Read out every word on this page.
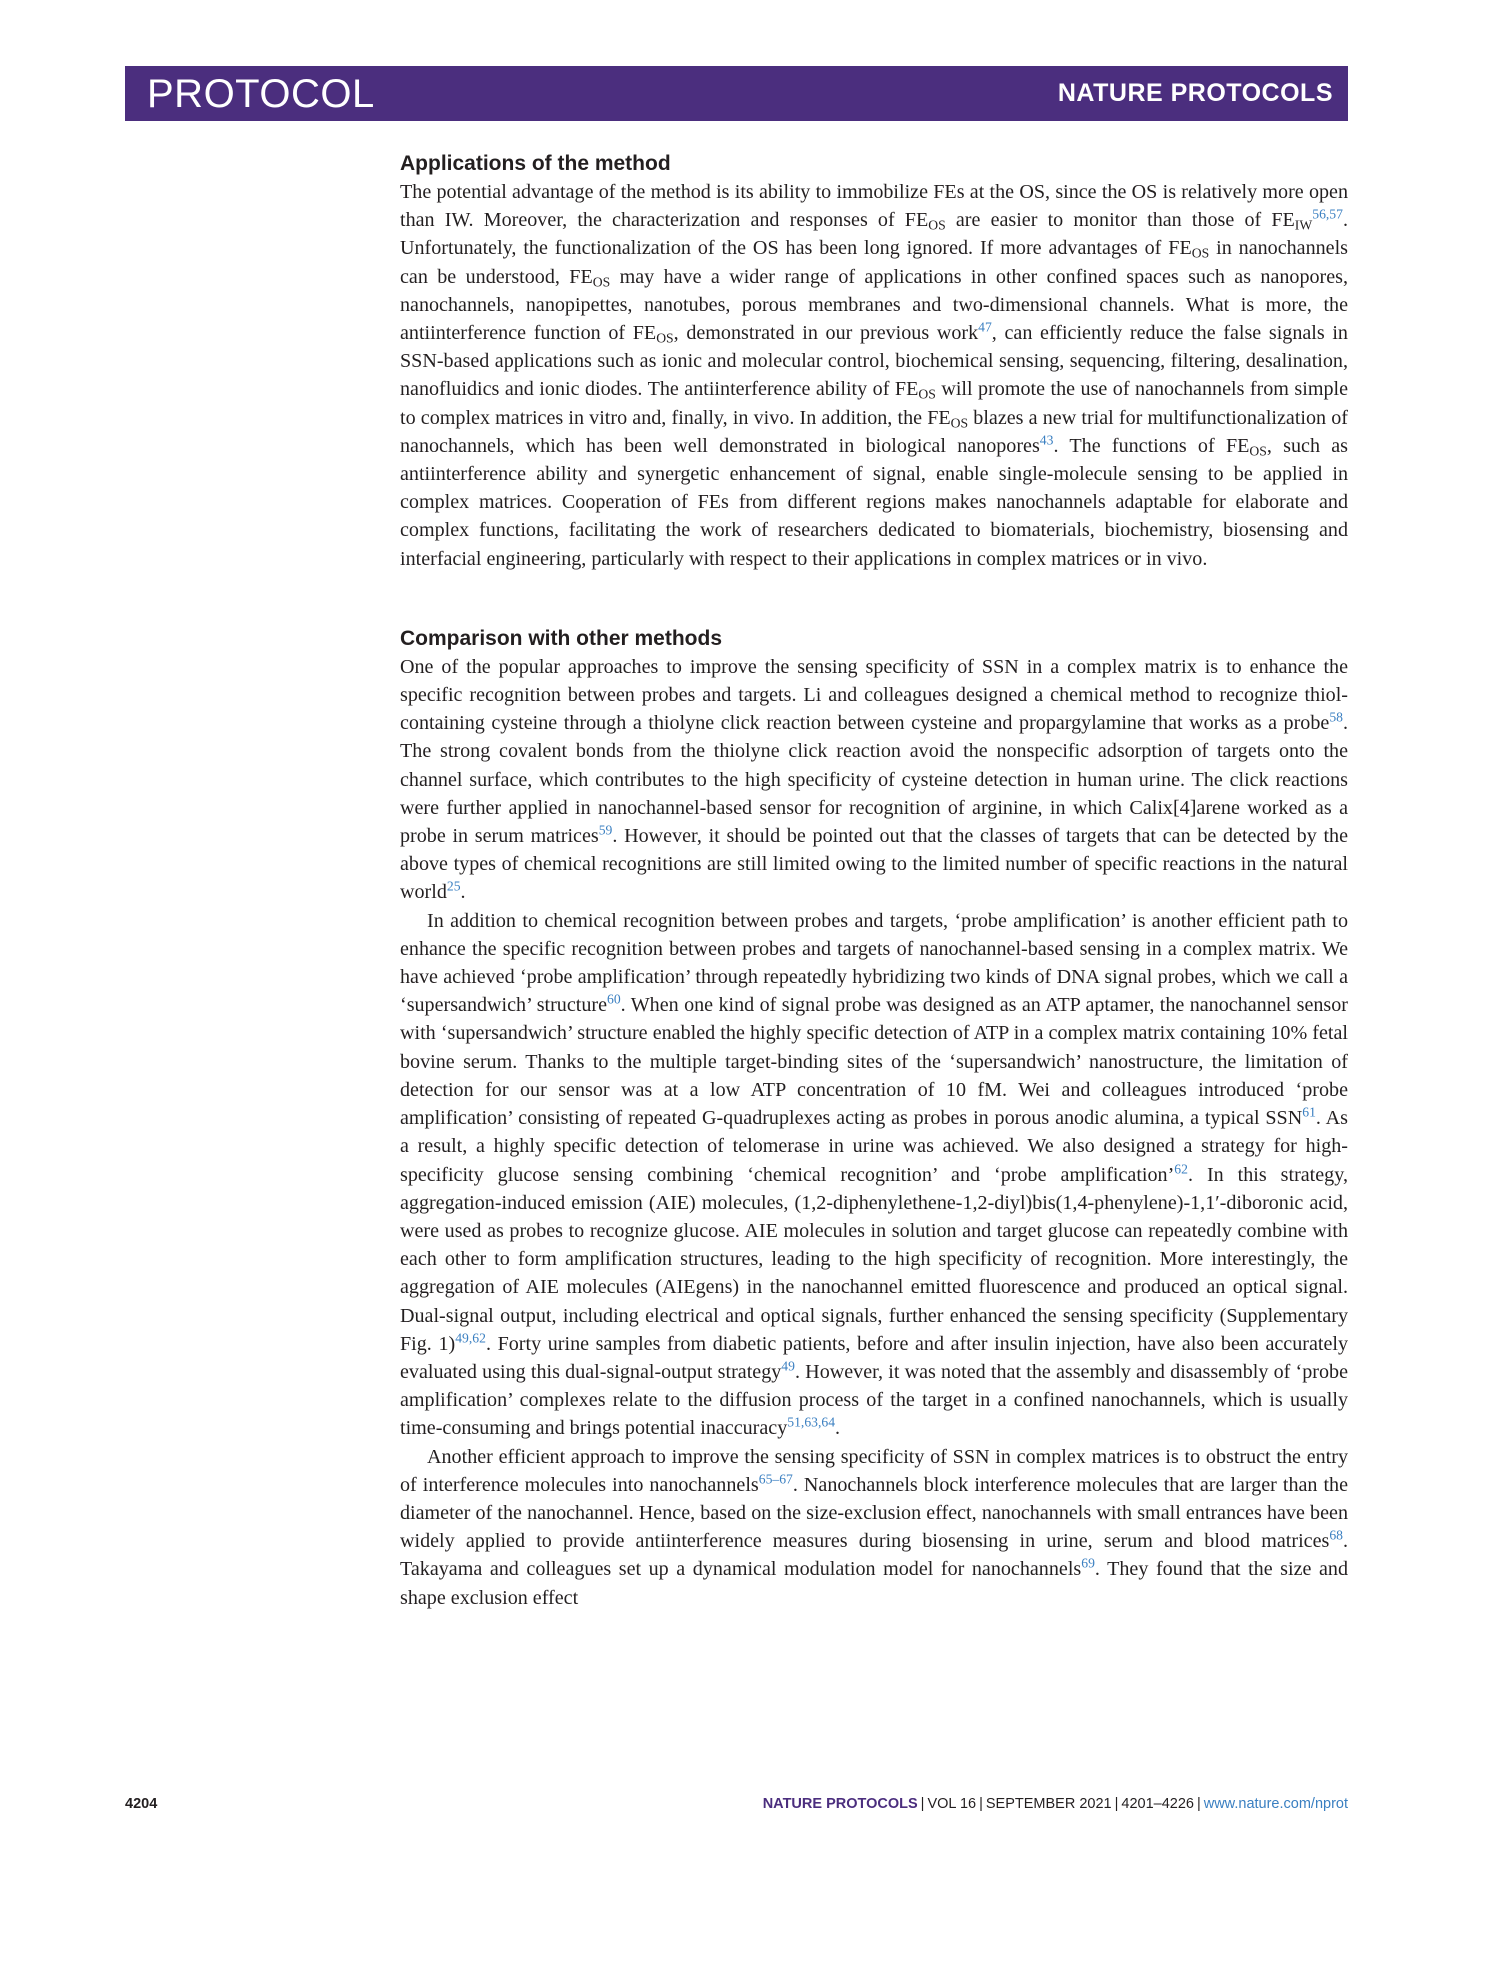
PROTOCOL	NATURE PROTOCOLS
Applications of the method

The potential advantage of the method is its ability to immobilize FEs at the OS, since the OS is relatively more open than IW. Moreover, the characterization and responses of $FE_{OS}$ are easier to monitor than those of $FE_{IW}^{56,57}$. Unfortunately, the functionalization of the OS has been long ignored. If more advantages of $FE_{OS}$ in nanochannels can be understood, $FE_{OS}$ may have a wider range of applications in other confined spaces such as nanopores, nanochannels, nanopipettes, nanotubes, porous membranes and two-dimensional channels. What is more, the antiinterference function of $FE_{OS}$, demonstrated in our previous work$^{47}$, can efficiently reduce the false signals in SSN-based applications such as ionic and molecular control, biochemical sensing, sequencing, filtering, desalination, nanofluidics and ionic diodes. The antiinterference ability of $FE_{OS}$ will promote the use of nanochannels from simple to complex matrices in vitro and, finally, in vivo. In addition, the $FE_{OS}$ blazes a new trial for multifunctionalization of nanochannels, which has been well demonstrated in biological nanopores$^{43}$. The functions of $FE_{OS}$, such as antiinterference ability and synergetic enhancement of signal, enable single-molecule sensing to be applied in complex matrices. Cooperation of FEs from different regions makes nanochannels adaptable for elaborate and complex functions, facilitating the work of researchers dedicated to biomaterials, biochemistry, biosensing and interfacial engineering, particularly with respect to their applications in complex matrices or in vivo.

Comparison with other methods

One of the popular approaches to improve the sensing specificity of SSN in a complex matrix is to enhance the specific recognition between probes and targets. Li and colleagues designed a chemical method to recognize thiol-containing cysteine through a thiolyne click reaction between cysteine and propargylamine that works as a probe$^{58}$. The strong covalent bonds from the thiolyne click reaction avoid the nonspecific adsorption of targets onto the channel surface, which contributes to the high specificity of cysteine detection in human urine. The click reactions were further applied in nanochannel-based sensor for recognition of arginine, in which Calix[4]arene worked as a probe in serum matrices$^{59}$. However, it should be pointed out that the classes of targets that can be detected by the above types of chemical recognitions are still limited owing to the limited number of specific reactions in the natural world$^{25}$.

In addition to chemical recognition between probes and targets, ‘probe amplification’ is another efficient path to enhance the specific recognition between probes and targets of nanochannel-based sensing in a complex matrix. We have achieved ‘probe amplification’ through repeatedly hybridizing two kinds of DNA signal probes, which we call a ‘supersandwich’ structure$^{60}$. When one kind of signal probe was designed as an ATP aptamer, the nanochannel sensor with ‘supersandwich’ structure enabled the highly specific detection of ATP in a complex matrix containing 10% fetal bovine serum. Thanks to the multiple target-binding sites of the ‘supersandwich’ nanostructure, the limitation of detection for our sensor was at a low ATP concentration of 10 fM. Wei and colleagues introduced ‘probe amplification’ consisting of repeated G-quadruplexes acting as probes in porous anodic alumina, a typical SSN$^{61}$. As a result, a highly specific detection of telomerase in urine was achieved. We also designed a strategy for high-specificity glucose sensing combining ‘chemical recognition’ and ‘probe amplification’$^{62}$. In this strategy, aggregation-induced emission (AIE) molecules, (1,2-diphenylethene-1,2-diyl)bis(1,4-phenylene)-1,1′-diboronic acid, were used as probes to recognize glucose. AIE molecules in solution and target glucose can repeatedly combine with each other to form amplification structures, leading to the high specificity of recognition. More interestingly, the aggregation of AIE molecules (AIEgens) in the nanochannel emitted fluorescence and produced an optical signal. Dual-signal output, including electrical and optical signals, further enhanced the sensing specificity (Supplementary Fig. 1)$^{49,62}$. Forty urine samples from diabetic patients, before and after insulin injection, have also been accurately evaluated using this dual-signal-output strategy$^{49}$. However, it was noted that the assembly and disassembly of ‘probe amplification’ complexes relate to the diffusion process of the target in a confined nanochannels, which is usually time-consuming and brings potential inaccuracy$^{51,63,64}$.

Another efficient approach to improve the sensing specificity of SSN in complex matrices is to obstruct the entry of interference molecules into nanochannels$^{65-67}$. Nanochannels block interference molecules that are larger than the diameter of the nanochannel. Hence, based on the size-exclusion effect, nanochannels with small entrances have been widely applied to provide antiinterference measures during biosensing in urine, serum and blood matrices$^{68}$. Takayama and colleagues set up a dynamical modulation model for nanochannels$^{69}$. They found that the size and shape exclusion effect

4204	NATURE PROTOCOLS | VOL 16 | SEPTEMBER 2021 | 4201–4226 | www.nature.com/nprot
